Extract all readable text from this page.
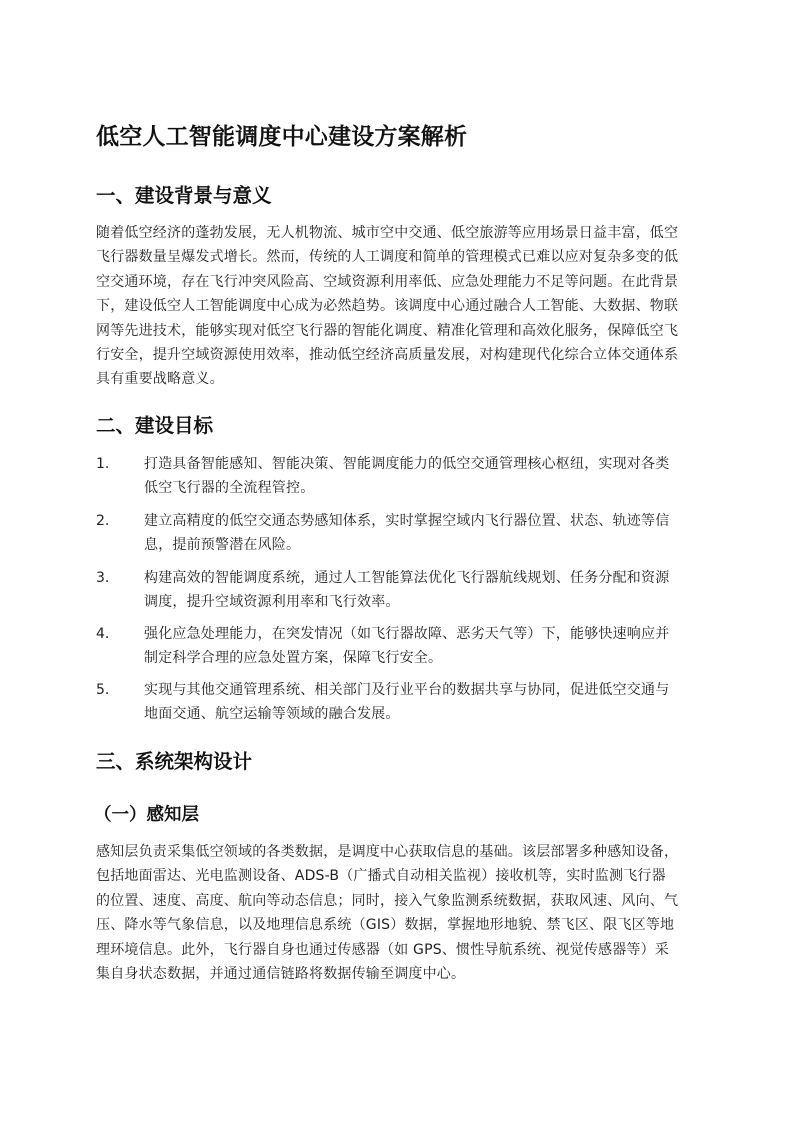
低空人工智能调度中心建设方案解析
一、建设背景与意义

随着低空经济的蓬勃发展，无人机物流、城市空中交通、低空旅游等应用场景日益丰富，低空
飞行器数量呈爆发式增长。然而，传统的人工调度和简单的管理模式已难以应对复杂多变的低
空交通环境，存在飞行冲突风险高、空域资源利用率低、应急处理能力不足等问题。在此背景
下，建设低空人工智能调度中心成为必然趋势。该调度中心通过融合人工智能、大数据、物联
网等先进技术，能够实现对低空飞行器的智能化调度、精准化管理和高效化服务，保障低空飞
行安全，提升空域资源使用效率，推动低空经济高质量发展，对构建现代化综合立体交通体系
具有重要战略意义。

二、建设目标
1.	打造具备智能感知、智能决策、智能调度能力的低空交通管理核心枢纽，实现对各类
低空飞行器的全流程管控。
2.	建立高精度的低空交通态势感知体系，实时掌握空域内飞行器位置、状态、轨迹等信
息，提前预警潜在风险。
3.	构建高效的智能调度系统，通过人工智能算法优化飞行器航线规划、任务分配和资源
调度，提升空域资源利用率和飞行效率。
4.	强化应急处理能力，在突发情况（如飞行器故障、恶劣天气等）下，能够快速响应并
制定科学合理的应急处置方案，保障飞行安全。
5.	实现与其他交通管理系统、相关部门及行业平台的数据共享与协同，促进低空交通与
地面交通、航空运输等领域的融合发展。
三、系统架构设计
（一）感知层

感知层负责采集低空领域的各类数据，是调度中心获取信息的基础。该层部署多种感知设备，
包括地面雷达、光电监测设备、ADS-B（广播式自动相关监视）接收机等，实时监测飞行器
的位置、速度、高度、航向等动态信息；同时，接入气象监测系统数据，获取风速、风向、气
压、降水等气象信息，以及地理信息系统（GIS）数据，掌握地形地貌、禁飞区、限飞区等地
理环境信息。此外，飞行器自身也通过传感器（如 GPS、惯性导航系统、视觉传感器等）采
集自身状态数据，并通过通信链路将数据传输至调度中心。
